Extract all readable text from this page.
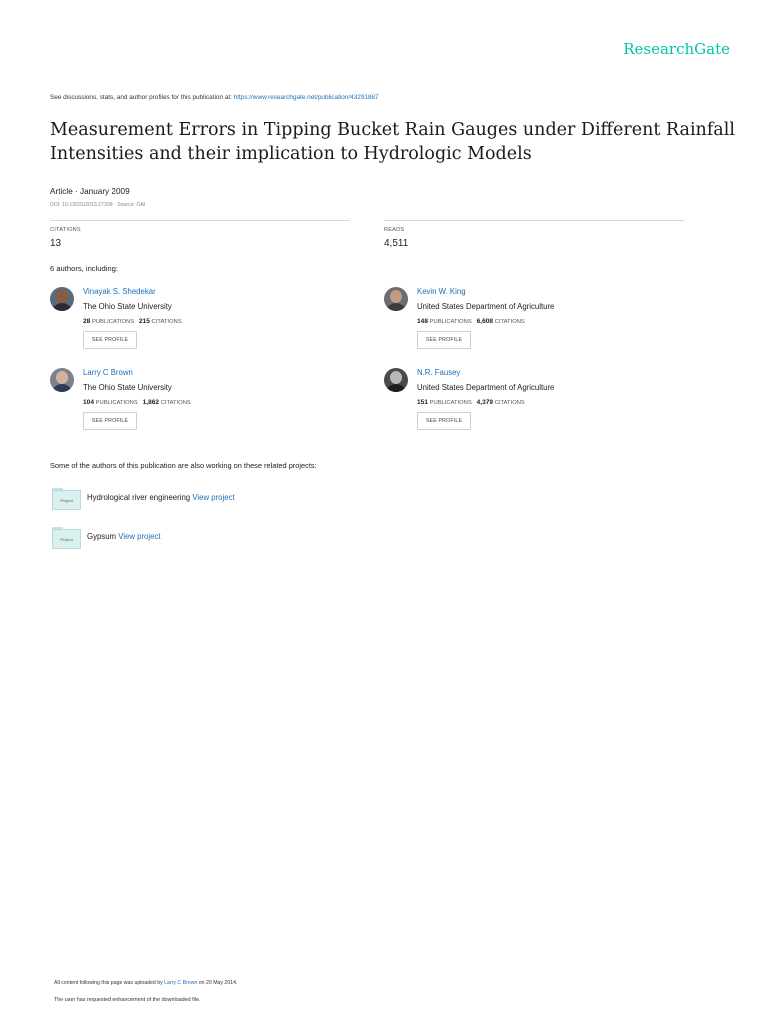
ResearchGate
See discussions, stats, and author profiles for this publication at: https://www.researchgate.net/publication/43291887
Measurement Errors in Tipping Bucket Rain Gauges under Different Rainfall Intensities and their implication to Hydrologic Models
Article · January 2009
DOI: 10.13031/2013.27308 · Source: OAI
CITATIONS
13
READS
4,511
6 authors, including:
Vinayak S. Shedekar
The Ohio State University
28 PUBLICATIONS 215 CITATIONS
SEE PROFILE
Kevin W. King
United States Department of Agriculture
148 PUBLICATIONS 6,608 CITATIONS
SEE PROFILE
Larry C Brown
The Ohio State University
104 PUBLICATIONS 1,862 CITATIONS
SEE PROFILE
N.R. Fausey
United States Department of Agriculture
151 PUBLICATIONS 4,379 CITATIONS
SEE PROFILE
Some of the authors of this publication are also working on these related projects:
Project	Hydrological river engineering View project
Project	Gypsum View project
All content following this page was uploaded by Larry C Brown on 20 May 2014.
The user has requested enhancement of the downloaded file.
